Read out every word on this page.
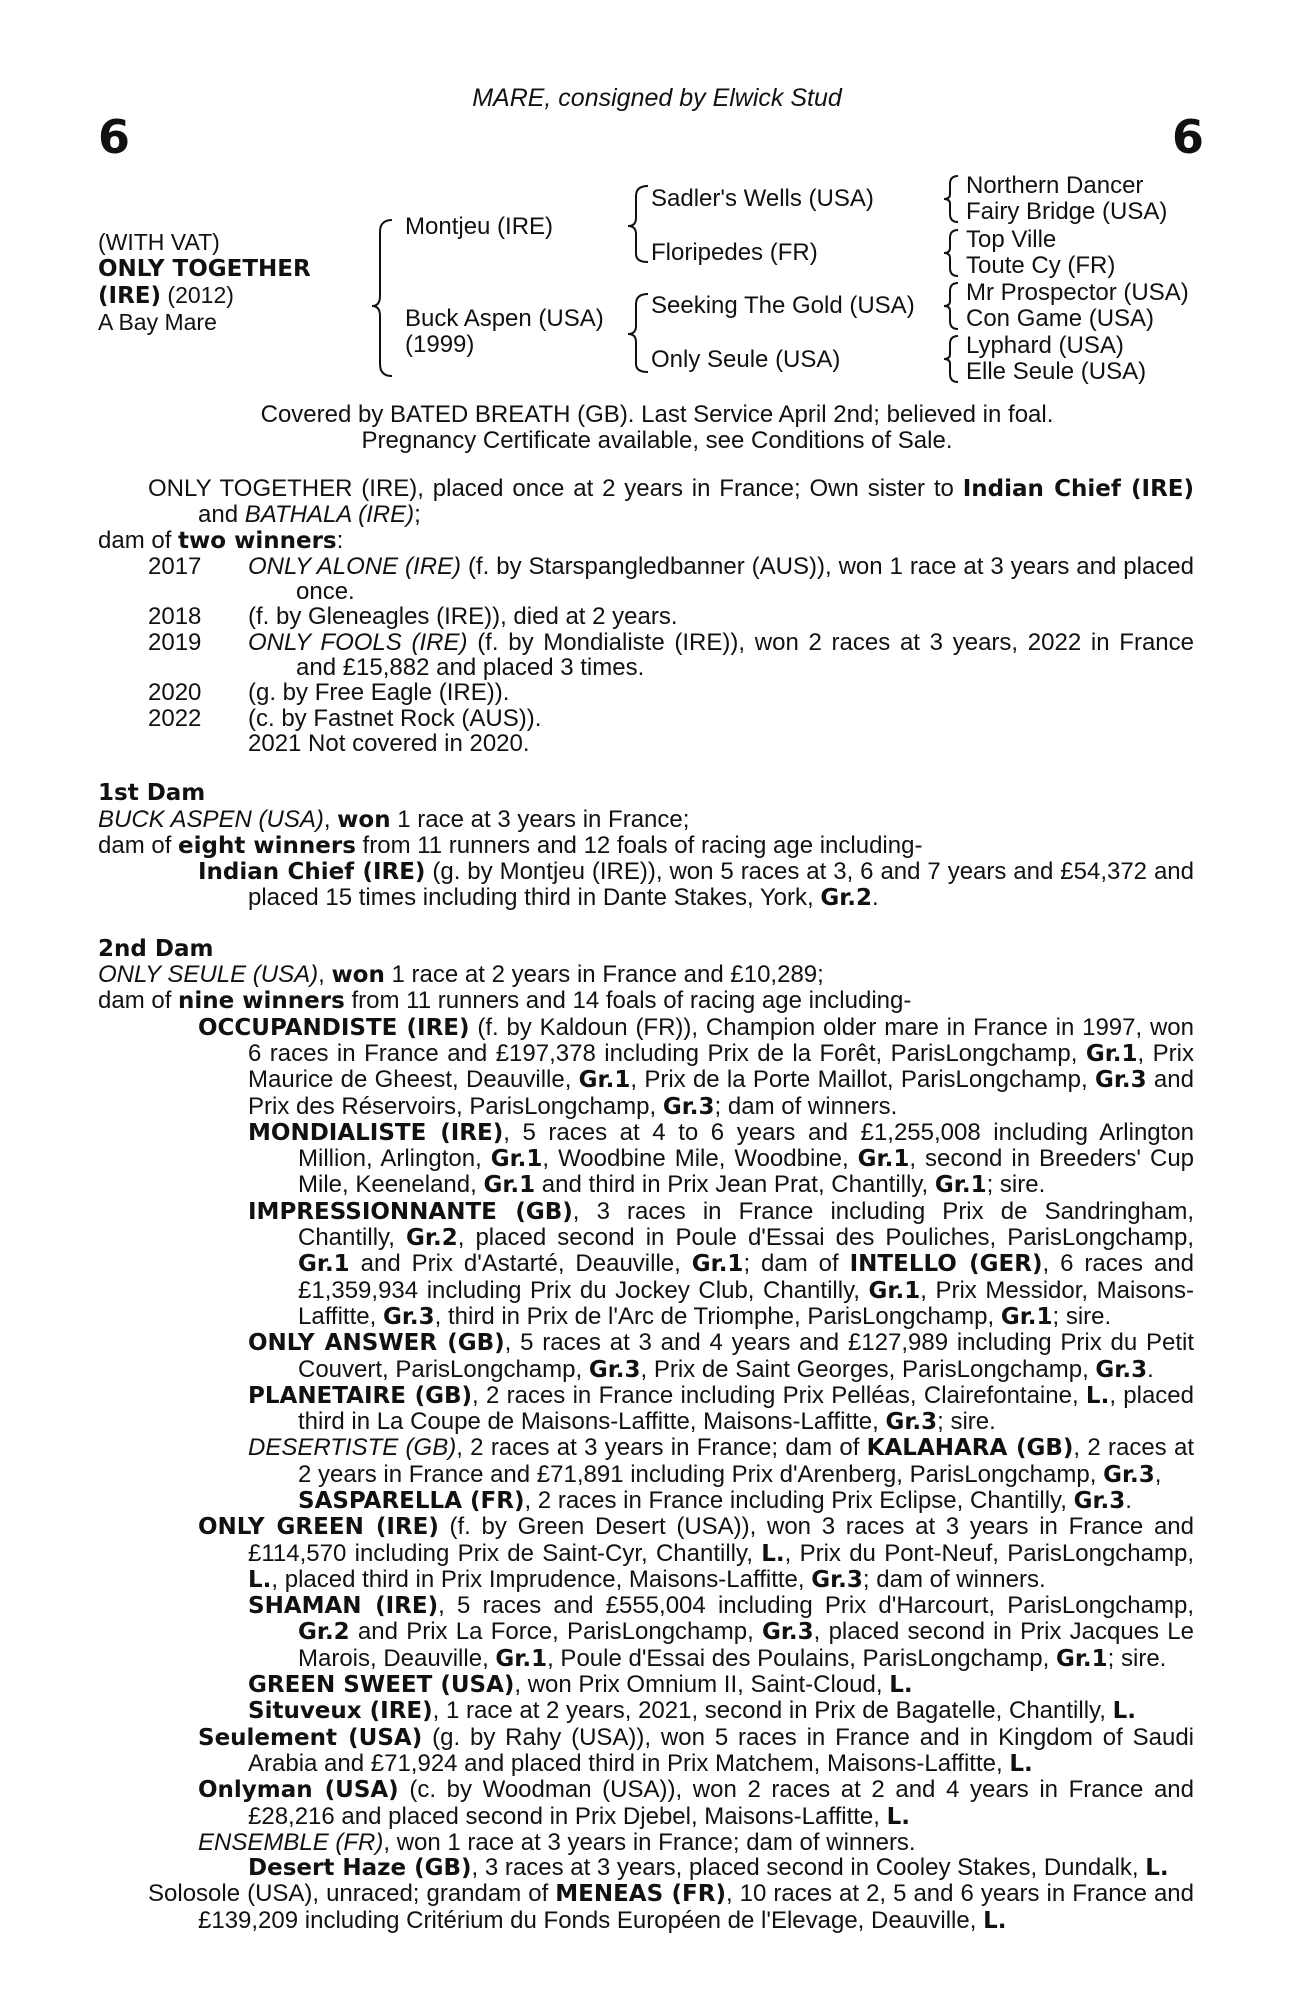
MARE, consigned by Elwick Stud
6	6
(WITH VAT)
ONLY TOGETHER
(IRE) (2012)
A Bay Mare
Montjeu (IRE)
Buck Aspen (USA)
(1999)
Sadler's Wells (USA)
Floripedes (FR)
Seeking The Gold (USA)
Only Seule (USA)
Northern Dancer
Fairy Bridge (USA)
Top Ville
Toute Cy (FR)
Mr Prospector (USA)
Con Game (USA)
Lyphard (USA)
Elle Seule (USA)
Covered by BATED BREATH (GB). Last Service April 2nd; believed in foal.
Pregnancy Certificate available, see Conditions of Sale.

ONLY TOGETHER (IRE), placed once at 2 years in France; Own sister to Indian Chief (IRE) and BATHALA (IRE);

dam of two winners:

2017 ONLY ALONE (IRE) (f. by Starspangledbanner (AUS)), won 1 race at 3 years and placed once.

2018 (f. by Gleneagles (IRE)), died at 2 years.

2019 ONLY FOOLS (IRE) (f. by Mondialiste (IRE)), won 2 races at 3 years, 2022 in France and £15,882 and placed 3 times.

2020 (g. by Free Eagle (IRE)).

2022 (c. by Fastnet Rock (AUS)).

2021 Not covered in 2020.

1st Dam

BUCK ASPEN (USA), won 1 race at 3 years in France;

dam of eight winners from 11 runners and 12 foals of racing age including-

Indian Chief (IRE) (g. by Montjeu (IRE)), won 5 races at 3, 6 and 7 years and £54,372 and placed 15 times including third in Dante Stakes, York, Gr.2.

2nd Dam

ONLY SEULE (USA), won 1 race at 2 years in France and £10,289;

dam of nine winners from 11 runners and 14 foals of racing age including-

OCCUPANDISTE (IRE) (f. by Kaldoun (FR)), Champion older mare in France in 1997, won 6 races in France and £197,378 including Prix de la Forêt, ParisLongchamp, Gr.1, Prix Maurice de Gheest, Deauville, Gr.1, Prix de la Porte Maillot, ParisLongchamp, Gr.3 and Prix des Réservoirs, ParisLongchamp, Gr.3; dam of winners.

MONDIALISTE (IRE), 5 races at 4 to 6 years and £1,255,008 including Arlington Million, Arlington, Gr.1, Woodbine Mile, Woodbine, Gr.1, second in Breeders' Cup Mile, Keeneland, Gr.1 and third in Prix Jean Prat, Chantilly, Gr.1; sire.

IMPRESSIONNANTE (GB), 3 races in France including Prix de Sandringham, Chantilly, Gr.2, placed second in Poule d'Essai des Pouliches, ParisLongchamp, Gr.1 and Prix d'Astarté, Deauville, Gr.1; dam of INTELLO (GER), 6 races and £1,359,934 including Prix du Jockey Club, Chantilly, Gr.1, Prix Messidor, Maisons-Laffitte, Gr.3, third in Prix de l'Arc de Triomphe, ParisLongchamp, Gr.1; sire.

ONLY ANSWER (GB), 5 races at 3 and 4 years and £127,989 including Prix du Petit Couvert, ParisLongchamp, Gr.3, Prix de Saint Georges, ParisLongchamp, Gr.3.

PLANETAIRE (GB), 2 races in France including Prix Pelléas, Clairefontaine, L., placed third in La Coupe de Maisons-Laffitte, Maisons-Laffitte, Gr.3; sire.

DESERTISTE (GB), 2 races at 3 years in France; dam of KALAHARA (GB), 2 races at 2 years in France and £71,891 including Prix d'Arenberg, ParisLongchamp, Gr.3,

SASPARELLA (FR), 2 races in France including Prix Eclipse, Chantilly, Gr.3.

ONLY GREEN (IRE) (f. by Green Desert (USA)), won 3 races at 3 years in France and £114,570 including Prix de Saint-Cyr, Chantilly, L., Prix du Pont-Neuf, ParisLongchamp, L., placed third in Prix Imprudence, Maisons-Laffitte, Gr.3; dam of winners.

SHAMAN (IRE), 5 races and £555,004 including Prix d'Harcourt, ParisLongchamp, Gr.2 and Prix La Force, ParisLongchamp, Gr.3, placed second in Prix Jacques Le Marois, Deauville, Gr.1, Poule d'Essai des Poulains, ParisLongchamp, Gr.1; sire.

GREEN SWEET (USA), won Prix Omnium II, Saint-Cloud, L.

Situveux (IRE), 1 race at 2 years, 2021, second in Prix de Bagatelle, Chantilly, L.

Seulement (USA) (g. by Rahy (USA)), won 5 races in France and in Kingdom of Saudi Arabia and £71,924 and placed third in Prix Matchem, Maisons-Laffitte, L.

Onlyman (USA) (c. by Woodman (USA)), won 2 races at 2 and 4 years in France and £28,216 and placed second in Prix Djebel, Maisons-Laffitte, L.

ENSEMBLE (FR), won 1 race at 3 years in France; dam of winners.

Desert Haze (GB), 3 races at 3 years, placed second in Cooley Stakes, Dundalk, L.

Solosole (USA), unraced; grandam of MENEAS (FR), 10 races at 2, 5 and 6 years in France and £139,209 including Critérium du Fonds Européen de l'Elevage, Deauville, L.
